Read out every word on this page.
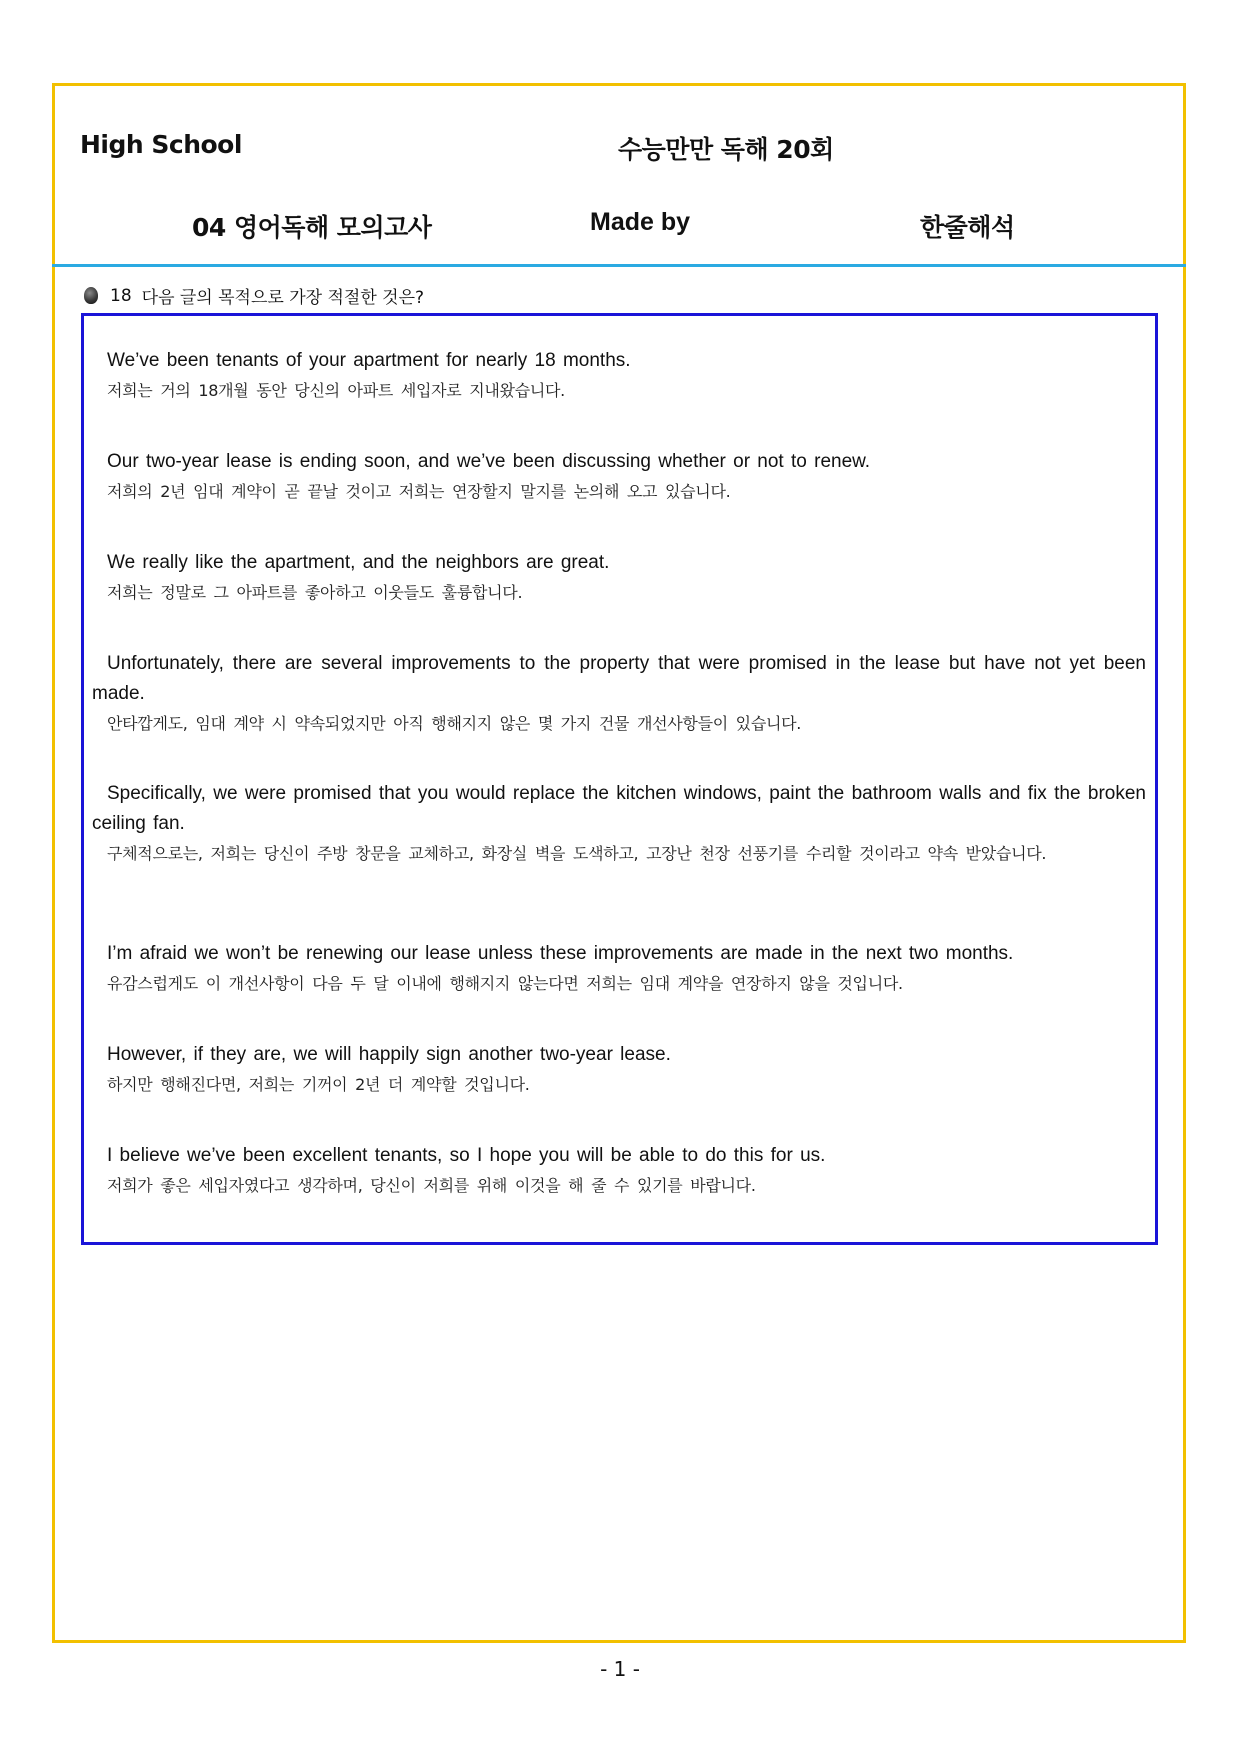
High School	수능만만 독해 20회
04 영어독해 모의고사	Made by	한줄해석
18 다음 글의 목적으로 가장 적절한 것은?
We’ve been tenants of your apartment for nearly 18 months.
저희는 거의 18개월 동안 당신의 아파트 세입자로 지내왔습니다.
Our two-year lease is ending soon, and we’ve been discussing whether or not to renew.
저희의 2년 임대 계약이 곧 끝날 것이고 저희는 연장할지 말지를 논의해 오고 있습니다.
We really like the apartment, and the neighbors are great.
저희는 정말로 그 아파트를 좋아하고 이웃들도 훌륭합니다.
Unfortunately, there are several improvements to the property that were promised in the lease but have not yet been made.
안타깝게도, 임대 계약 시 약속되었지만 아직 행해지지 않은 몇 가지 건물 개선사항들이 있습니다.
Specifically, we were promised that you would replace the kitchen windows, paint the bathroom walls and fix the broken ceiling fan.
구체적으로는, 저희는 당신이 주방 창문을 교체하고, 화장실 벽을 도색하고, 고장난 천장 선풍기를 수리할 것이라고 약속 받았습니다.
I’m afraid we won’t be renewing our lease unless these improvements are made in the next two months.
유감스럽게도 이 개선사항이 다음 두 달 이내에 행해지지 않는다면 저희는 임대 계약을 연장하지 않을 것입니다.
However, if they are, we will happily sign another two-year lease.
하지만 행해진다면, 저희는 기꺼이 2년 더 계약할 것입니다.
I believe we’ve been excellent tenants, so I hope you will be able to do this for us.
저희가 좋은 세입자였다고 생각하며, 당신이 저희를 위해 이것을 해 줄 수 있기를 바랍니다.
- 1 -
